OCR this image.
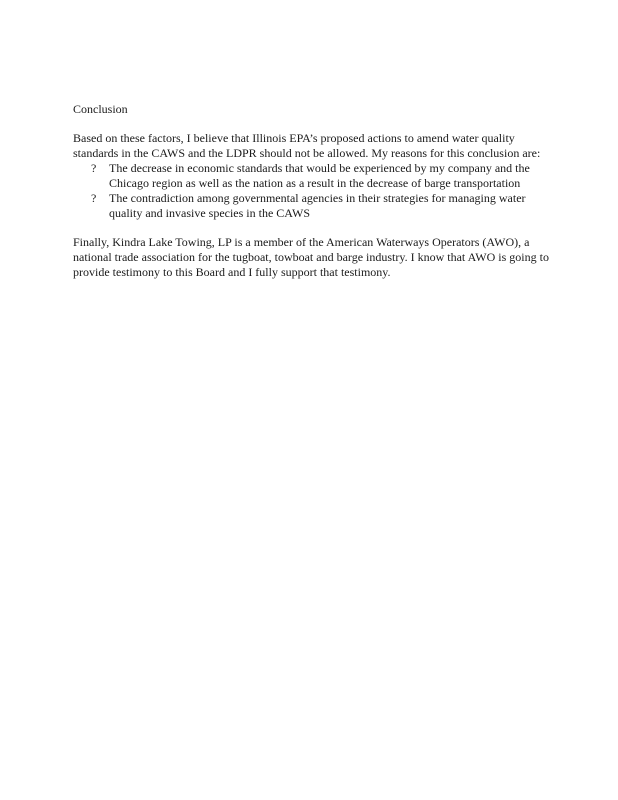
Conclusion

Based on these factors, I believe that Illinois EPA’s proposed actions to amend water quality standards in the CAWS and the LDPR should not be allowed. My reasons for this conclusion are:

? The decrease in economic standards that would be experienced by my company and the Chicago region as well as the nation as a result in the decrease of barge transportation
? The contradiction among governmental agencies in their strategies for managing water quality and invasive species in the CAWS

Finally, Kindra Lake Towing, LP is a member of the American Waterways Operators (AWO), a national trade association for the tugboat, towboat and barge industry. I know that AWO is going to provide testimony to this Board and I fully support that testimony.
